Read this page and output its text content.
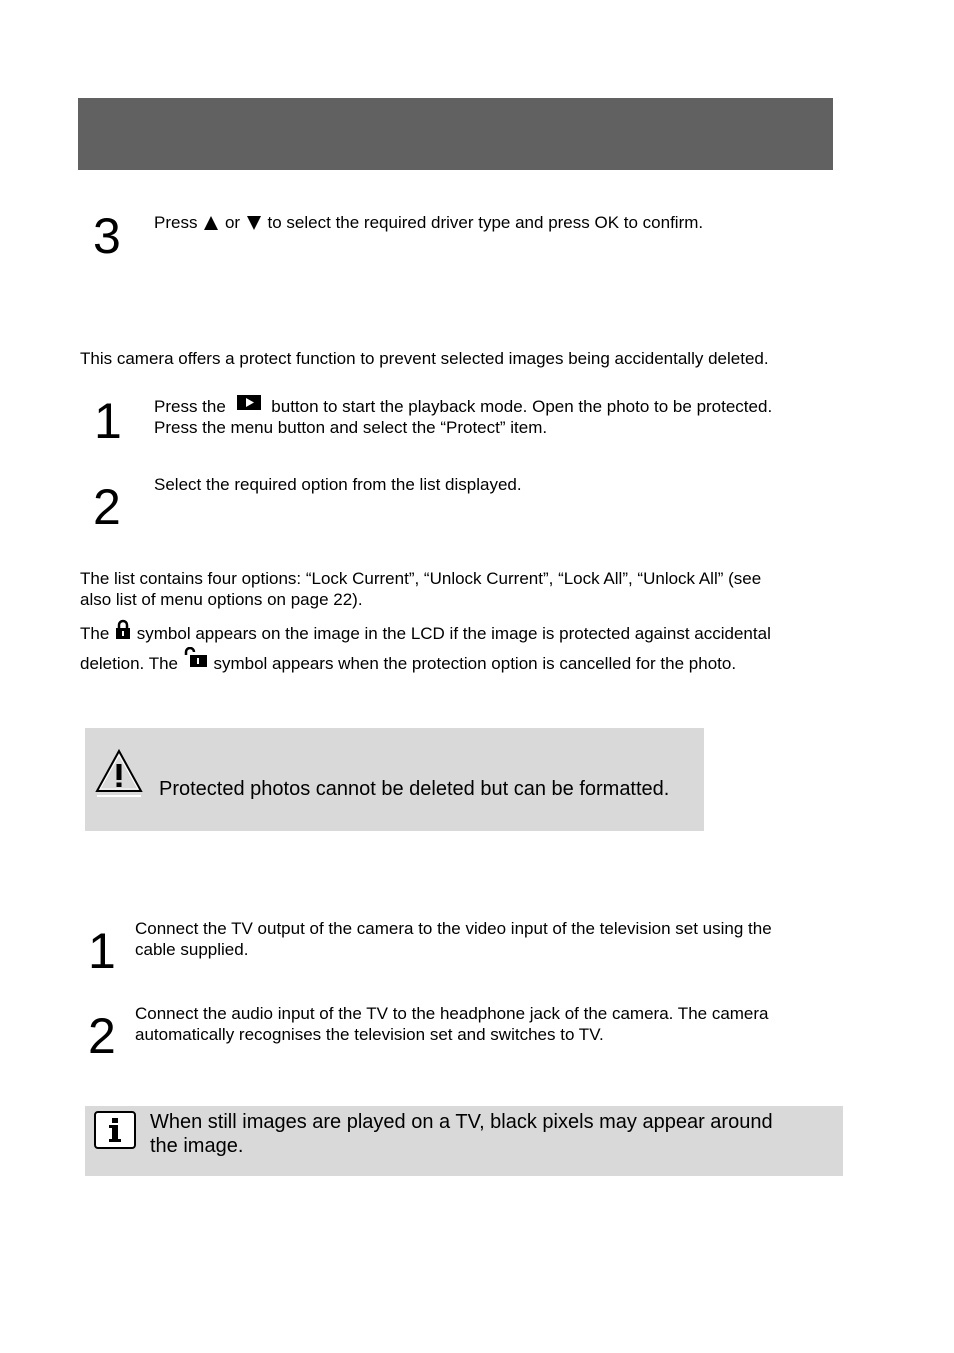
3 Press or to select the required driver type and press OK to confirm.
This camera offers a protect function to prevent selected images being accidentally deleted.
1 Press the	button to start the playback mode. Open the photo to be protected.
Press the menu button and select the “Protect” item.
2 Select the required option from the list displayed.
The list contains four options: “Lock Current”, “Unlock Current”, “Lock All”, “Unlock All” (see
also list of menu options on page 22).
The symbol appears on the image in the LCD if the image is protected against accidental
deletion. The symbol appears when the protection option is cancelled for the photo.
Protected photos cannot be deleted but can be formatted.
1 Connect the TV output of the camera to the video input of the television set using the
cable supplied.
2 Connect the audio input of the TV to the headphone jack of the camera. The camera
automatically recognises the television set and switches to TV.
When still images are played on a TV, black pixels may appear around
the image.
